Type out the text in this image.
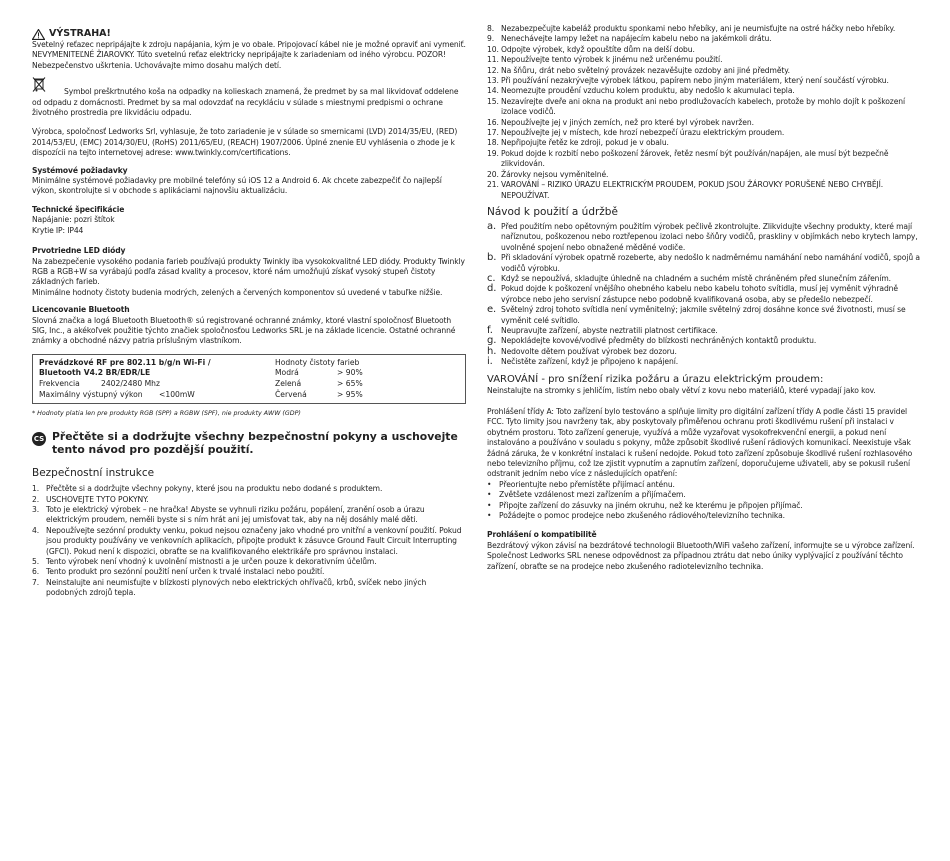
VÝSTRAHA!

Svetelný reťazec nepripájajte k zdroju napájania, kým je vo obale. Pripojovací kábel nie je možné opraviť ani vymeniť. NEVYMENITEĽNÉ ŽIAROVKY. Túto svetelnú reťaz elektricky nepripájajte k zariadeniam od iného výrobcu. POZOR! Nebezpečenstvo uškrtenia. Uchovávajte mimo dosahu malých detí.

Symbol preškrtnutého koša na odpadky na kolieskach znamená, že predmet by sa mal likvidovať oddelene od odpadu z domácnosti. Predmet by sa mal odovzdať na recykláciu v súlade s miestnymi predpismi o ochrane životného prostredia pre likvidáciu odpadu.

Výrobca, spoločnosť Ledworks Srl, vyhlasuje, že toto zariadenie je v súlade so smernicami (LVD) 2014/35/EU, (RED) 2014/53/EU, (EMC) 2014/30/EU, (RoHS) 2011/65/EU, (REACH) 1907/2006. Úplné znenie EU vyhlásenia o zhode je k dispozícii na tejto internetovej adrese: www.twinkly.com/certifications.

Systémové požiadavky

Minimálne systémové požiadavky pre mobilné telefóny sú iOS 12 a Android 6. Ak chcete zabezpečiť čo najlepší výkon, skontrolujte si v obchode s aplikáciami najnovšiu aktualizáciu.

Technické špecifikácie

Napájanie: pozri štítok

Krytie IP: IP44

Prvotriedne LED diódy

Na zabezpečenie vysokého podania farieb používajú produkty Twinkly iba vysokokvalitné LED diódy. Produkty Twinkly RGB a RGB+W sa vyrábajú podľa zásad kvality a procesov, ktoré nám umožňujú získať vysoký stupeň čistoty základných farieb.

Minimálne hodnoty čistoty budenia modrých, zelených a červených komponentov sú uvedené v tabuľke nižšie.

Licencovanie Bluetooth

Slovná značka a logá Bluetooth Bluetooth® sú registrované ochranné známky, ktoré vlastní spoločnosť Bluetooth SIG, Inc., a akékoľvek použitie týchto značiek spoločnosťou Ledworks SRL je na základe licencie. Ostatné ochranné známky a obchodné názvy patria príslušným vlastníkom.

Prevádzkové RF pre 802.11 b/g/n Wi-Fi /
Bluetooth V4.2 BR/EDR/LE
Frekvencia	2402/2480 Mhz
Maximálny výstupný výkon	<100mW
Hodnoty čistoty farieb
Modrá	> 90%
Zelená	> 65%
Červená	> 95%

* Hodnoty platia len pre produkty RGB (SPP) a RGBW (SPF), nie produkty AWW (GDP)

CS Přečtěte si a dodržujte všechny bezpečnostní pokyny a uschovejte
tento návod pro pozdější použití.
Bezpečnostní instrukce
1. Přečtěte si a dodržujte všechny pokyny, které jsou na produktu nebo dodané s produktem.
2. USCHOVEJTE TYTO POKYNY.
3. Toto je elektrický výrobek – ne hračka! Abyste se vyhnuli riziku požáru, popálení, zranění osob a úrazu elektrickým proudem, neměli byste si s ním hrát ani jej umisťovat tak, aby na něj dosáhly malé děti.
4. Nepoužívejte sezónní produkty venku, pokud nejsou označeny jako vhodné pro vnitřní a venkovní použití. Pokud jsou produkty používány ve venkovních aplikacích, připojte produkt k zásuvce Ground Fault Circuit Interrupting (GFCI). Pokud není k dispozici, obraťte se na kvalifikovaného elektrikáře pro správnou instalaci.
5. Tento výrobek není vhodný k uvolnění mistnosti a je určen pouze k dekorativním účelům.
6. Tento produkt pro sezónní použití není určen k trvalé instalaci nebo použití.
7. Neinstalujte ani neumisťujte v blízkosti plynových nebo elektrických ohřívačů, krbů, svíček nebo jiných podobných zdrojů tepla.
8. Nezabezpečujte kabeláž produktu sponkami nebo hřebíky, ani je neumisťujte na ostré háčky nebo hřebíky.
9. Nenechávejte lampy ležet na napájecím kabelu nebo na jakémkoli drátu.
10. Odpojte výrobek, když opouštíte dům na delší dobu.
11. Nepoužívejte tento výrobek k jinému než určenému použití.
12. Na šňůru, drát nebo světelný provázek nezavěšujte ozdoby ani jiné předměty.
13. Při používání nezakrývejte výrobek látkou, papírem nebo jiným materiálem, který není součástí výrobku.
14. Neomezujte proudění vzduchu kolem produktu, aby nedošlo k akumulaci tepla.
15. Nezavírejte dveře ani okna na produkt ani nebo prodlužovacích kabelech, protože by mohlo dojít k poškození izolace vodičů.
16. Nepoužívejte jej v jiných zemích, než pro které byl výrobek navržen.
17. Nepoužívejte jej v místech, kde hrozí nebezpečí úrazu elektrickým proudem.
18. Nepřipojujte řetěz ke zdroji, pokud je v obalu.
19. Pokud dojde k rozbití nebo poškození žárovek, řetěz nesmí být používán/napájen, ale musí být bezpečně zlikvidován.
20. Žárovky nejsou vyměnitelné.
21. VAROVÁNÍ – RIZIKO ÚRAZU ELEKTRICKÝM PROUDEM, POKUD JSOU ŽÁROVKY PORUŠENÉ NEBO CHYBĚJÍ. NEPOUŽÍVAT.
Návod k použití a údržbě
a. Před použitím nebo opětovným použitím výrobek pečlivě zkontrolujte. Zlikvidujte všechny produkty, které mají naříznutou, poškozenou nebo roztřepenou izolaci nebo šňůry vodičů, praskliny v objímkách nebo krytech lampy, uvolněné spojení nebo obnažené měděné vodiče.
b. Při skladování výrobek opatrně rozeberte, aby nedošlo k nadměrnému namáhání nebo namáhání vodičů, spojů a vodičů výrobku.
c. Když se nepoužívá, skladujte úhledně na chladném a suchém místě chráněném před slunečním zářením.
d. Pokud dojde k poškození vnějšího ohebného kabelu nebo kabelu tohoto svítidla, musí jej vyměnit výhradně výrobce nebo jeho servisní zástupce nebo podobně kvalifikovaná osoba, aby se předešlo nebezpečí.
e. Světelný zdroj tohoto svítidla není vyměnitelný; jakmile světelný zdroj dosáhne konce své životnosti, musí se vyměnit celé svítidlo.
f.	Neupravujte zařízení, abyste neztratili platnost certifikace.
g. Nepokládejte kovové/vodivé předměty do blízkosti nechráněných kontaktů produktu.
h. Nedovolte dětem používat výrobek bez dozoru.
i.	Nečistěte zařízení, když je připojeno k napájení.
VAROVÁNÍ - pro snížení rizika požáru a úrazu elektrickým proudem:

Neinstalujte na stromky s jehličím, listím nebo obaly větví z kovu nebo materiálů, které vypadají jako kov.

Prohlášení třídy A: Toto zařízení bylo testováno a splňuje limity pro digitální zařízení třídy A podle části 15 pravidel FCC. Tyto limity jsou navrženy tak, aby poskytovaly přiměřenou ochranu proti škodlivému rušení při instalaci v obytném prostoru. Toto zařízení generuje, využívá a může vyzařovat vysokofrekvenční energii, a pokud není instalováno a používáno v souladu s pokyny, může způsobit škodlivé rušení rádiových komunikací. Neexistuje však žádná záruka, že v konkrétní instalaci k rušení nedojde. Pokud toto zařízení způsobuje škodlivé rušení rozhlasového nebo televizního příjmu, což lze zjistit vypnutím a zapnutím zařízení, doporučujeme uživateli, aby se pokusil rušení odstranit jedním nebo více z následujících opatření:

•	Přeorientujte nebo přemístěte přijímací anténu.
•	Zvětšete vzdálenost mezi zařízením a přijímačem.
•	Připojte zařízení do zásuvky na jiném okruhu, než ke kterému je připojen přijímač.
•	Požádejte o pomoc prodejce nebo zkušeného rádiového/televizního technika.

Prohlášení o kompatibilitě

Bezdrátový výkon závisí na bezdrátové technologii Bluetooth/WiFi vašeho zařízení, informujte se u výrobce zařízení. Společnost Ledworks SRL nenese odpovědnost za případnou ztrátu dat nebo úniky vyplývající z používání těchto zařízení, obraťte se na prodejce nebo zkušeného radiotelevizního technika.
